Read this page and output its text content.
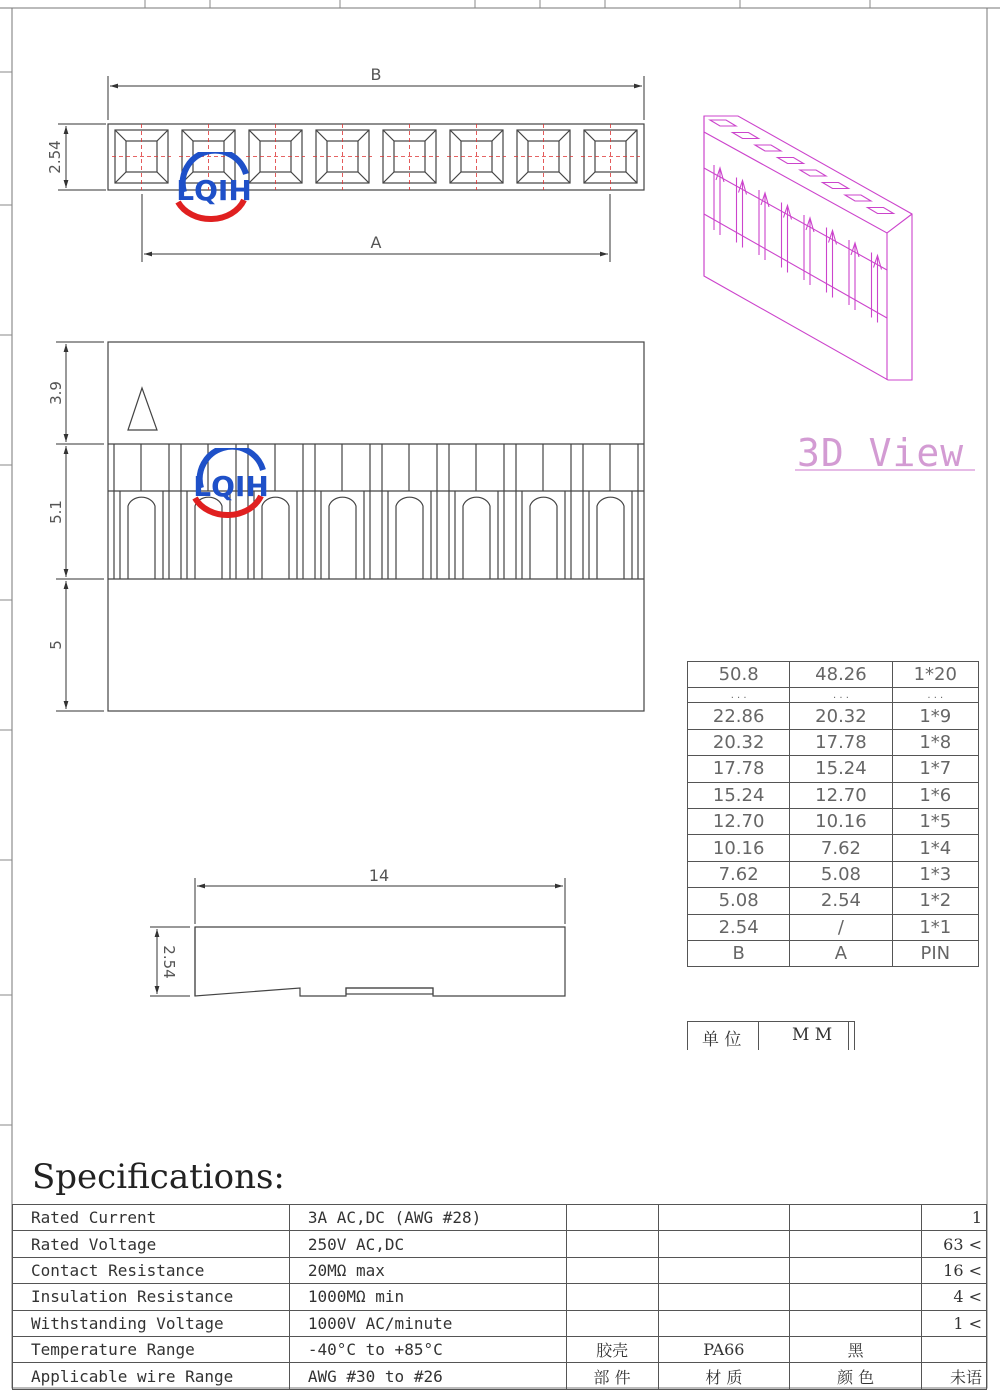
B
A
2.54
3.9
5.1
5
14
2.54
3D View
LQIH
LQIH
50.8	48.26	1*20
. . .	. . .	. . .
22.86	20.32	1*9
20.32	17.78	1*8
17.78	15.24	1*7
15.24	12.70	1*6
12.70	10.16	1*5
10.16	7.62	1*4
7.62	5.08	1*3
5.08	2.54	1*2
2.54	/	1*1
B	A	PIN
单 位	M M
Specifications:
Rated Current	3A AC,DC (AWG #28)				1
Rated Voltage	250V AC,DC				63 <
Contact Resistance	20MΩ max				16 <
Insulation Resistance	1000MΩ min				4 <
Withstanding Voltage	1000V AC/minute				1 <
Temperature Range	-40°C to +85°C	胶壳	PA66	黑	
Applicable wire Range	AWG #30 to #26	部 件	材 质	颜 色	未语
